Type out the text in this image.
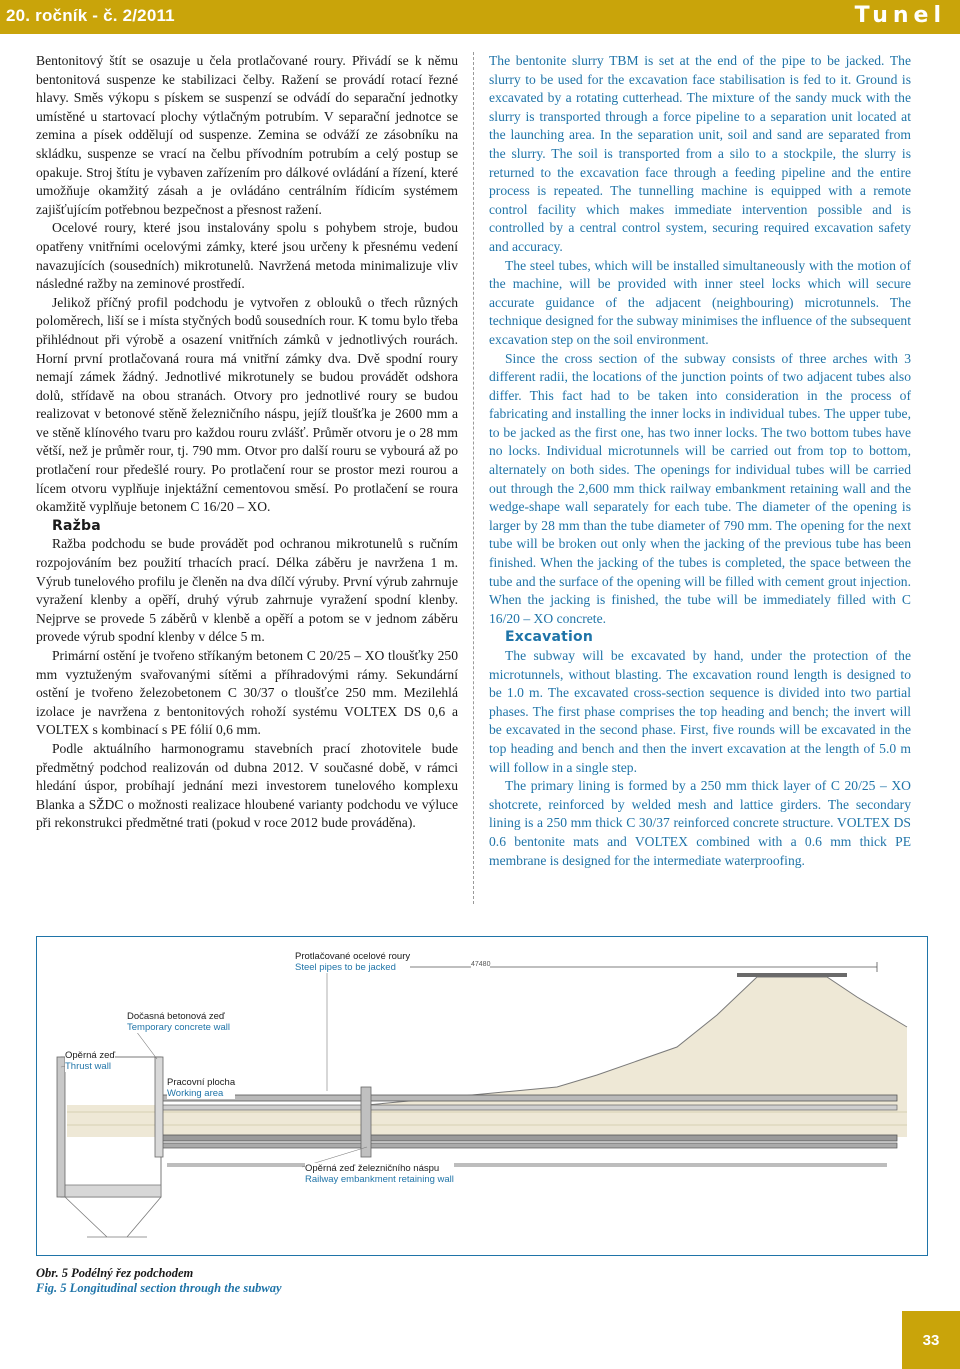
20. ročník - č. 2/2011	Tunel

Bentonitový štít se osazuje u čela protlačované roury. Přivádí se k němu bentonitová suspenze ke stabilizaci čelby. Ražení se provádí rotací řezné hlavy. Směs výkopu s pískem se suspenzí se odvádí do separační jednotky umístěné u startovací plochy výtlačným potrubím. V separační jednotce se zemina a písek oddělují od suspenze. Zemina se odváží ze zásobníku na skládku, suspenze se vrací na čelbu přívodním potrubím a celý postup se opakuje. Stroj štítu je vybaven zařízením pro dálkové ovládání a řízení, které umožňuje okamžitý zásah a je ovládáno centrálním řídicím systémem zajišťujícím potřebnou bezpečnost a přesnost ražení.

Ocelové roury, které jsou instalovány spolu s pohybem stroje, budou opatřeny vnitřními ocelovými zámky, které jsou určeny k přesnému vedení navazujících (sousedních) mikrotunelů. Navržená metoda minimalizuje vliv následné ražby na zeminové prostředí.

Jelikož příčný profil podchodu je vytvořen z oblouků o třech různých poloměrech, liší se i místa styčných bodů sousedních rour. K tomu bylo třeba přihlédnout při výrobě a osazení vnitřních zámků v jednotlivých rourách. Horní první protlačovaná roura má vnitřní zámky dva. Dvě spodní roury nemají zámek žádný. Jednotlivé mikrotunely se budou provádět odshora dolů, střídavě na obou stranách. Otvory pro jednotlivé roury se budou realizovat v betonové stěně železničního náspu, jejíž tloušťka je 2600 mm a ve stěně klínového tvaru pro každou rouru zvlášť. Průměr otvoru je o 28 mm větší, než je průměr rour, tj. 790 mm. Otvor pro další rouru se vybourá až po protlačení rour předešlé roury. Po protlačení rour se prostor mezi rourou a lícem otvoru vyplňuje injektážní cementovou směsí. Po protlačení se roura okamžitě vyplňuje betonem C 16/20 – XO.

Ražba

Ražba podchodu se bude provádět pod ochranou mikrotunelů s ručním rozpojováním bez použití trhacích prací. Délka záběru je navržena 1 m. Výrub tunelového profilu je členěn na dva dílčí výruby. První výrub zahrnuje vyražení klenby a opěří, druhý výrub zahrnuje vyražení spodní klenby. Nejprve se provede 5 záběrů v klenbě a opěří a potom se v jednom záběru provede výrub spodní klenby v délce 5 m.

Primární ostění je tvořeno stříkaným betonem C 20/25 – XO tloušťky 250 mm vyztuženým svařovanými sítěmi a příhradovými rámy. Sekundární ostění je tvořeno železobetonem C 30/37 o tloušťce 250 mm. Mezilehlá izolace je navržena z bentonitových rohoží systému VOLTEX DS 0,6 a VOLTEX s kombinací s PE fólií 0,6 mm.

Podle aktuálního harmonogramu stavebních prací zhotovitele bude předmětný podchod realizován od dubna 2012. V současné době, v rámci hledání úspor, probíhají jednání mezi investorem tunelového komplexu Blanka a SŽDC o možnosti realizace hloubené varianty podchodu ve výluce při rekonstrukci předmětné trati (pokud v roce 2012 bude prováděna).

The bentonite slurry TBM is set at the end of the pipe to be jacked. The slurry to be used for the excavation face stabilisation is fed to it. Ground is excavated by a rotating cutterhead. The mixture of the sandy muck with the slurry is transported through a force pipeline to a separation unit located at the launching area. In the separation unit, soil and sand are separated from the slurry. The soil is transported from a silo to a stockpile, the slurry is returned to the excavation face through a feeding pipeline and the entire process is repeated. The tunnelling machine is equipped with a remote control facility which makes immediate intervention possible and is controlled by a central control system, securing required excavation safety and accuracy.

The steel tubes, which will be installed simultaneously with the motion of the machine, will be provided with inner steel locks which will secure accurate guidance of the adjacent (neighbouring) microtunnels. The technique designed for the subway minimises the influence of the subsequent excavation step on the soil environment.

Since the cross section of the subway consists of three arches with 3 different radii, the locations of the junction points of two adjacent tubes also differ. This fact had to be taken into consideration in the process of fabricating and installing the inner locks in individual tubes. The upper tube, to be jacked as the first one, has two inner locks. The two bottom tubes have no locks. Individual microtunnels will be carried out from top to bottom, alternately on both sides. The openings for individual tubes will be carried out through the 2,600 mm thick railway embankment retaining wall and the wedge-shape wall separately for each tube. The diameter of the opening is larger by 28 mm than the tube diameter of 790 mm. The opening for the next tube will be broken out only when the jacking of the previous tube has been finished. When the jacking of the tubes is completed, the space between the tube and the surface of the opening will be filled with cement grout injection. When the jacking is finished, the tube will be immediately filled with C 16/20 – XO concrete.

Excavation

The subway will be excavated by hand, under the protection of the microtunnels, without blasting. The excavation round length is designed to be 1.0 m. The excavated cross-section sequence is divided into two partial phases. The first phase comprises the top heading and bench; the invert will be excavated in the second phase. First, five rounds will be excavated in the top heading and bench and then the invert excavation at the length of 5.0 m will follow in a single step.

The primary lining is formed by a 250 mm thick layer of C 20/25 – XO shotcrete, reinforced by welded mesh and lattice girders. The secondary lining is a 250 mm thick C 30/37 reinforced concrete structure. VOLTEX DS 0.6 bentonite mats and VOLTEX combined with a 0.6 mm thick PE membrane is designed for the intermediate waterproofing.

Protlačované ocelové roury
Steel pipes to be jacked	47480
Dočasná betonová zeď
Temporary concrete wall
Opěrná zeď
Thrust wall
Pracovní plocha
Working area
Opěrná zeď železničního náspu
Railway embankment retaining wall
Obr. 5 Podélný řez podchodem
Fig. 5 Longitudinal section through the subway
33
